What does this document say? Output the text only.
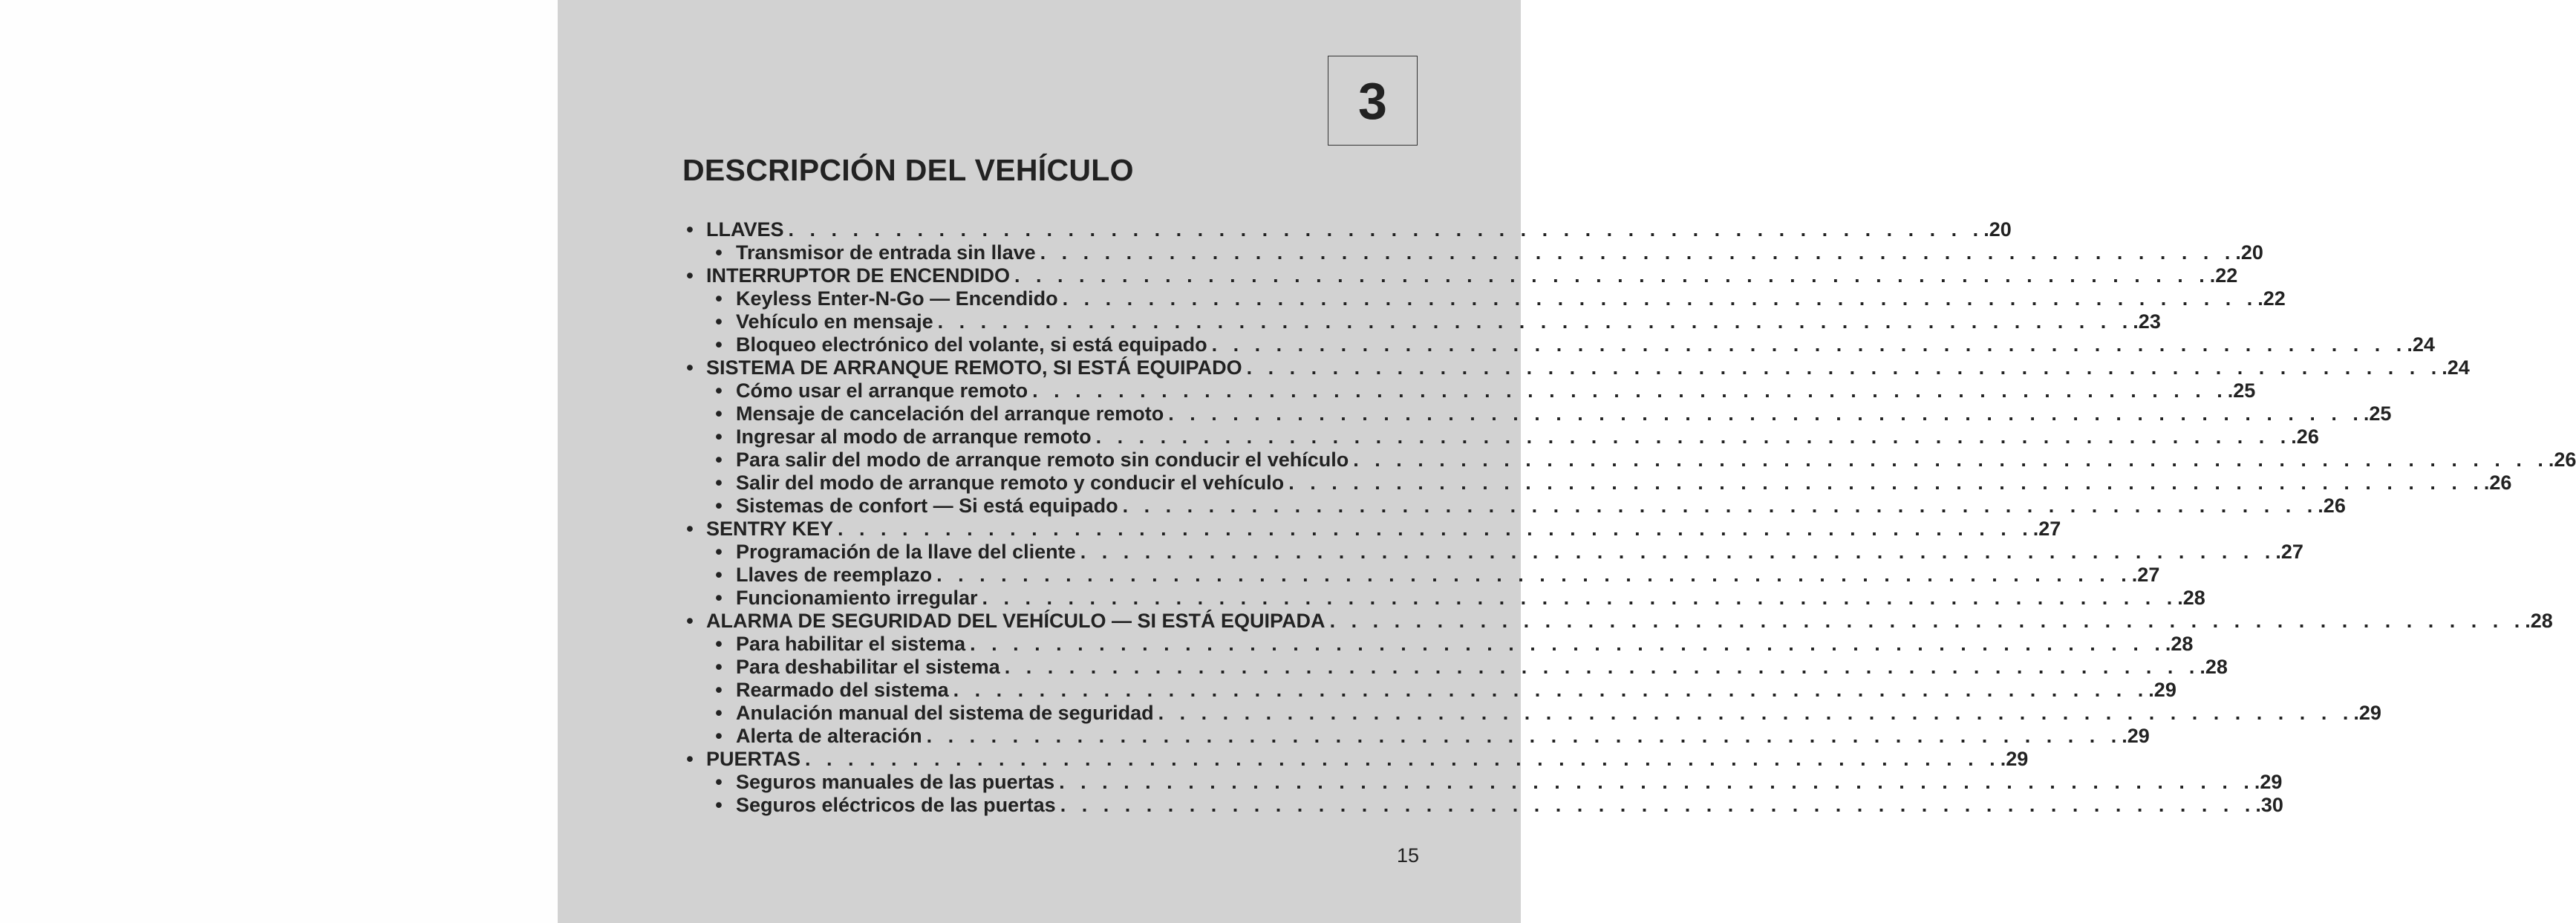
3
DESCRIPCIÓN DEL VEHÍCULO
• LLAVES . . . . . . . . . . . . . . . . . . . . . . . . . . . . . . . . . . . . . . . . . . . . . . . . . . . . . . . . .20
• Transmisor de entrada sin llave . . . . . . . . . . . . . . . . . . . . . . . . . . . . . . . . . . . . . . . . . . . . . . . . . . . . . . . . .20
• INTERRUPTOR DE ENCENDIDO . . . . . . . . . . . . . . . . . . . . . . . . . . . . . . . . . . . . . . . . . . . . . . . . . . . . . . . . .22
• Keyless Enter-N-Go — Encendido . . . . . . . . . . . . . . . . . . . . . . . . . . . . . . . . . . . . . . . . . . . . . . . . . . . . . . . . .22
• Vehículo en mensaje . . . . . . . . . . . . . . . . . . . . . . . . . . . . . . . . . . . . . . . . . . . . . . . . . . . . . . . . .23
• Bloqueo electrónico del volante, si está equipado . . . . . . . . . . . . . . . . . . . . . . . . . . . . . . . . . . . . . . . . . . . . . . . . . . . . . . . . .24
• SISTEMA DE ARRANQUE REMOTO, SI ESTÁ EQUIPADO . . . . . . . . . . . . . . . . . . . . . . . . . . . . . . . . . . . . . . . . . . . . . . . . . . . . . . . . .24
• Cómo usar el arranque remoto . . . . . . . . . . . . . . . . . . . . . . . . . . . . . . . . . . . . . . . . . . . . . . . . . . . . . . . . .25
• Mensaje de cancelación del arranque remoto . . . . . . . . . . . . . . . . . . . . . . . . . . . . . . . . . . . . . . . . . . . . . . . . . . . . . . . . .25
• Ingresar al modo de arranque remoto . . . . . . . . . . . . . . . . . . . . . . . . . . . . . . . . . . . . . . . . . . . . . . . . . . . . . . . . .26
• Para salir del modo de arranque remoto sin conducir el vehículo . . . . . . . . . . . . . . . . . . . . . . . . . . . . . . . . . . . . . . . . . . . . . . . . . . . . . . . . .26
• Salir del modo de arranque remoto y conducir el vehículo . . . . . . . . . . . . . . . . . . . . . . . . . . . . . . . . . . . . . . . . . . . . . . . . . . . . . . . . .26
• Sistemas de confort — Si está equipado . . . . . . . . . . . . . . . . . . . . . . . . . . . . . . . . . . . . . . . . . . . . . . . . . . . . . . . . .26
• SENTRY KEY . . . . . . . . . . . . . . . . . . . . . . . . . . . . . . . . . . . . . . . . . . . . . . . . . . . . . . . . .27
• Programación de la llave del cliente . . . . . . . . . . . . . . . . . . . . . . . . . . . . . . . . . . . . . . . . . . . . . . . . . . . . . . . . .27
• Llaves de reemplazo . . . . . . . . . . . . . . . . . . . . . . . . . . . . . . . . . . . . . . . . . . . . . . . . . . . . . . . . .27
• Funcionamiento irregular . . . . . . . . . . . . . . . . . . . . . . . . . . . . . . . . . . . . . . . . . . . . . . . . . . . . . . . . .28
• ALARMA DE SEGURIDAD DEL VEHÍCULO — SI ESTÁ EQUIPADA . . . . . . . . . . . . . . . . . . . . . . . . . . . . . . . . . . . . . . . . . . . . . . . . . . . . . . . . .28
• Para habilitar el sistema . . . . . . . . . . . . . . . . . . . . . . . . . . . . . . . . . . . . . . . . . . . . . . . . . . . . . . . . .28
• Para deshabilitar el sistema . . . . . . . . . . . . . . . . . . . . . . . . . . . . . . . . . . . . . . . . . . . . . . . . . . . . . . . . .28
• Rearmado del sistema . . . . . . . . . . . . . . . . . . . . . . . . . . . . . . . . . . . . . . . . . . . . . . . . . . . . . . . . .29
• Anulación manual del sistema de seguridad . . . . . . . . . . . . . . . . . . . . . . . . . . . . . . . . . . . . . . . . . . . . . . . . . . . . . . . . .29
• Alerta de alteración . . . . . . . . . . . . . . . . . . . . . . . . . . . . . . . . . . . . . . . . . . . . . . . . . . . . . . . . .29
• PUERTAS . . . . . . . . . . . . . . . . . . . . . . . . . . . . . . . . . . . . . . . . . . . . . . . . . . . . . . . . .29
• Seguros manuales de las puertas . . . . . . . . . . . . . . . . . . . . . . . . . . . . . . . . . . . . . . . . . . . . . . . . . . . . . . . . .29
• Seguros eléctricos de las puertas . . . . . . . . . . . . . . . . . . . . . . . . . . . . . . . . . . . . . . . . . . . . . . . . . . . . . . . . .30
15
